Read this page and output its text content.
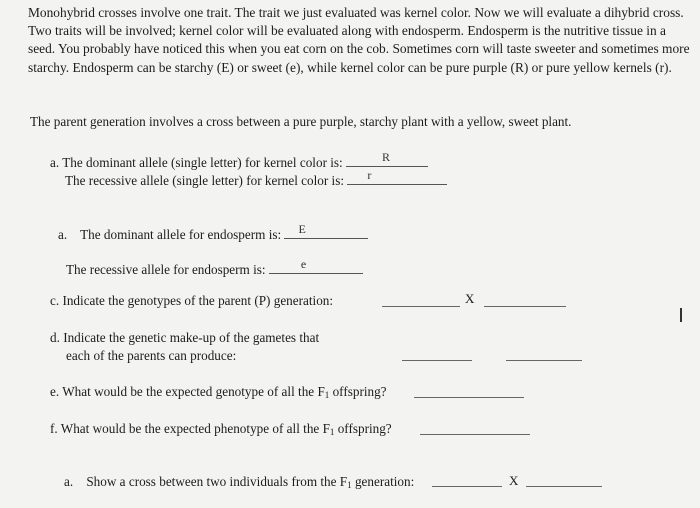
Monohybrid crosses involve one trait. The trait we just evaluated was kernel color. Now we will evaluate a dihybrid cross. Two traits will be involved; kernel color will be evaluated along with endosperm. Endosperm is the nutritive tissue in a seed. You probably have noticed this when you eat corn on the cob. Sometimes corn will taste sweeter and sometimes more starchy. Endosperm can be starchy (E) or sweet (e), while kernel color can be pure purple (R) or pure yellow kernels (r).

The parent generation involves a cross between a pure purple, starchy plant with a yellow, sweet plant.
a. The dominant allele (single letter) for kernel color is:	R
The recessive allele (single letter) for kernel color is: r
a. The dominant allele for endosperm is: E
The recessive allele for endosperm is:	e
c. Indicate the genotypes of the parent (P) generation:	X
d. Indicate the genetic make-up of the gametes that
each of the parents can produce:
e. What would be the expected genotype of all the $F_1$ offspring?
f. What would be the expected phenotype of all the $F_1$ offspring?
a. Show a cross between two individuals from the $F_1$ generation:	X
